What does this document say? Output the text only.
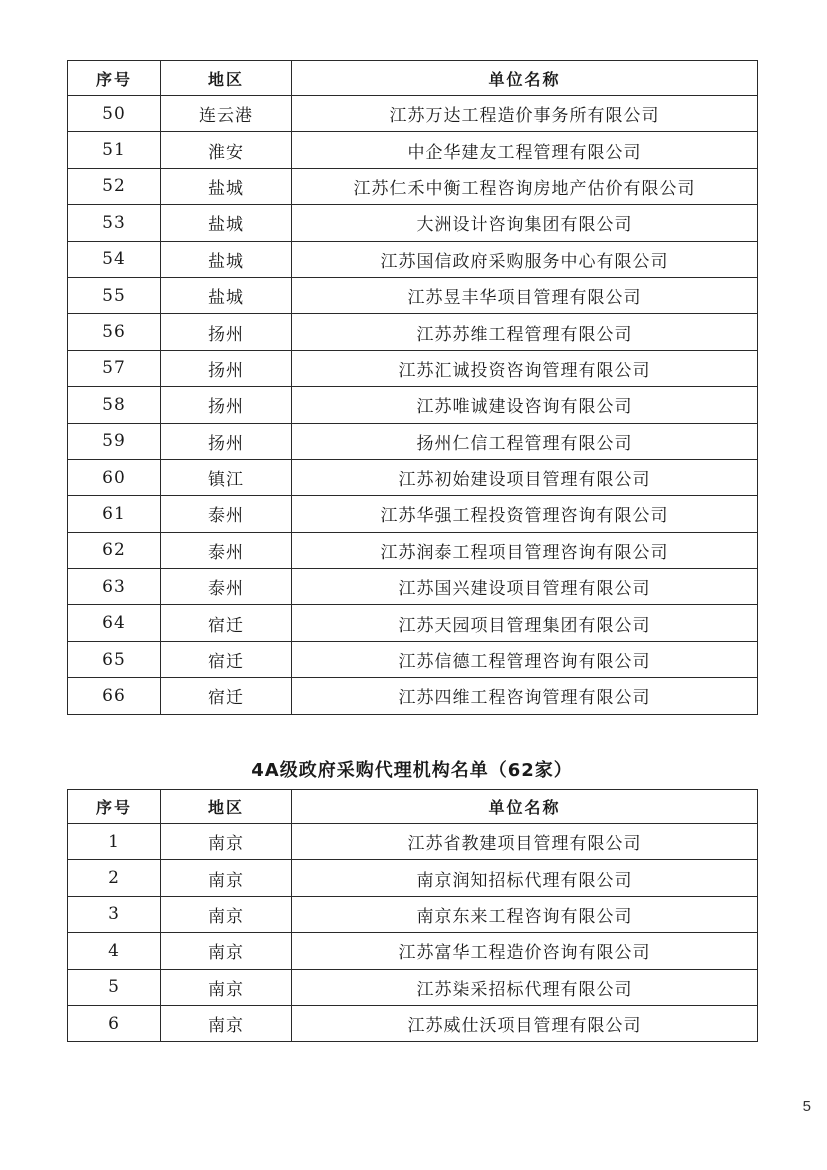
序号	地区	单位名称
50	连云港	江苏万达工程造价事务所有限公司
51	淮安	中企华建友工程管理有限公司
52	盐城	江苏仁禾中衡工程咨询房地产估价有限公司
53	盐城	大洲设计咨询集团有限公司
54	盐城	江苏国信政府采购服务中心有限公司
55	盐城	江苏昱丰华项目管理有限公司
56	扬州	江苏苏维工程管理有限公司
57	扬州	江苏汇诚投资咨询管理有限公司
58	扬州	江苏唯诚建设咨询有限公司
59	扬州	扬州仁信工程管理有限公司
60	镇江	江苏初始建设项目管理有限公司
61	泰州	江苏华强工程投资管理咨询有限公司
62	泰州	江苏润泰工程项目管理咨询有限公司
63	泰州	江苏国兴建设项目管理有限公司
64	宿迁	江苏天园项目管理集团有限公司
65	宿迁	江苏信德工程管理咨询有限公司
66	宿迁	江苏四维工程咨询管理有限公司
4A级政府采购代理机构名单（62家）
序号	地区	单位名称
1	南京	江苏省教建项目管理有限公司
2	南京	南京润知招标代理有限公司
3	南京	南京东来工程咨询有限公司
4	南京	江苏富华工程造价咨询有限公司
5	南京	江苏柒采招标代理有限公司
6	南京	江苏威仕沃项目管理有限公司
5
